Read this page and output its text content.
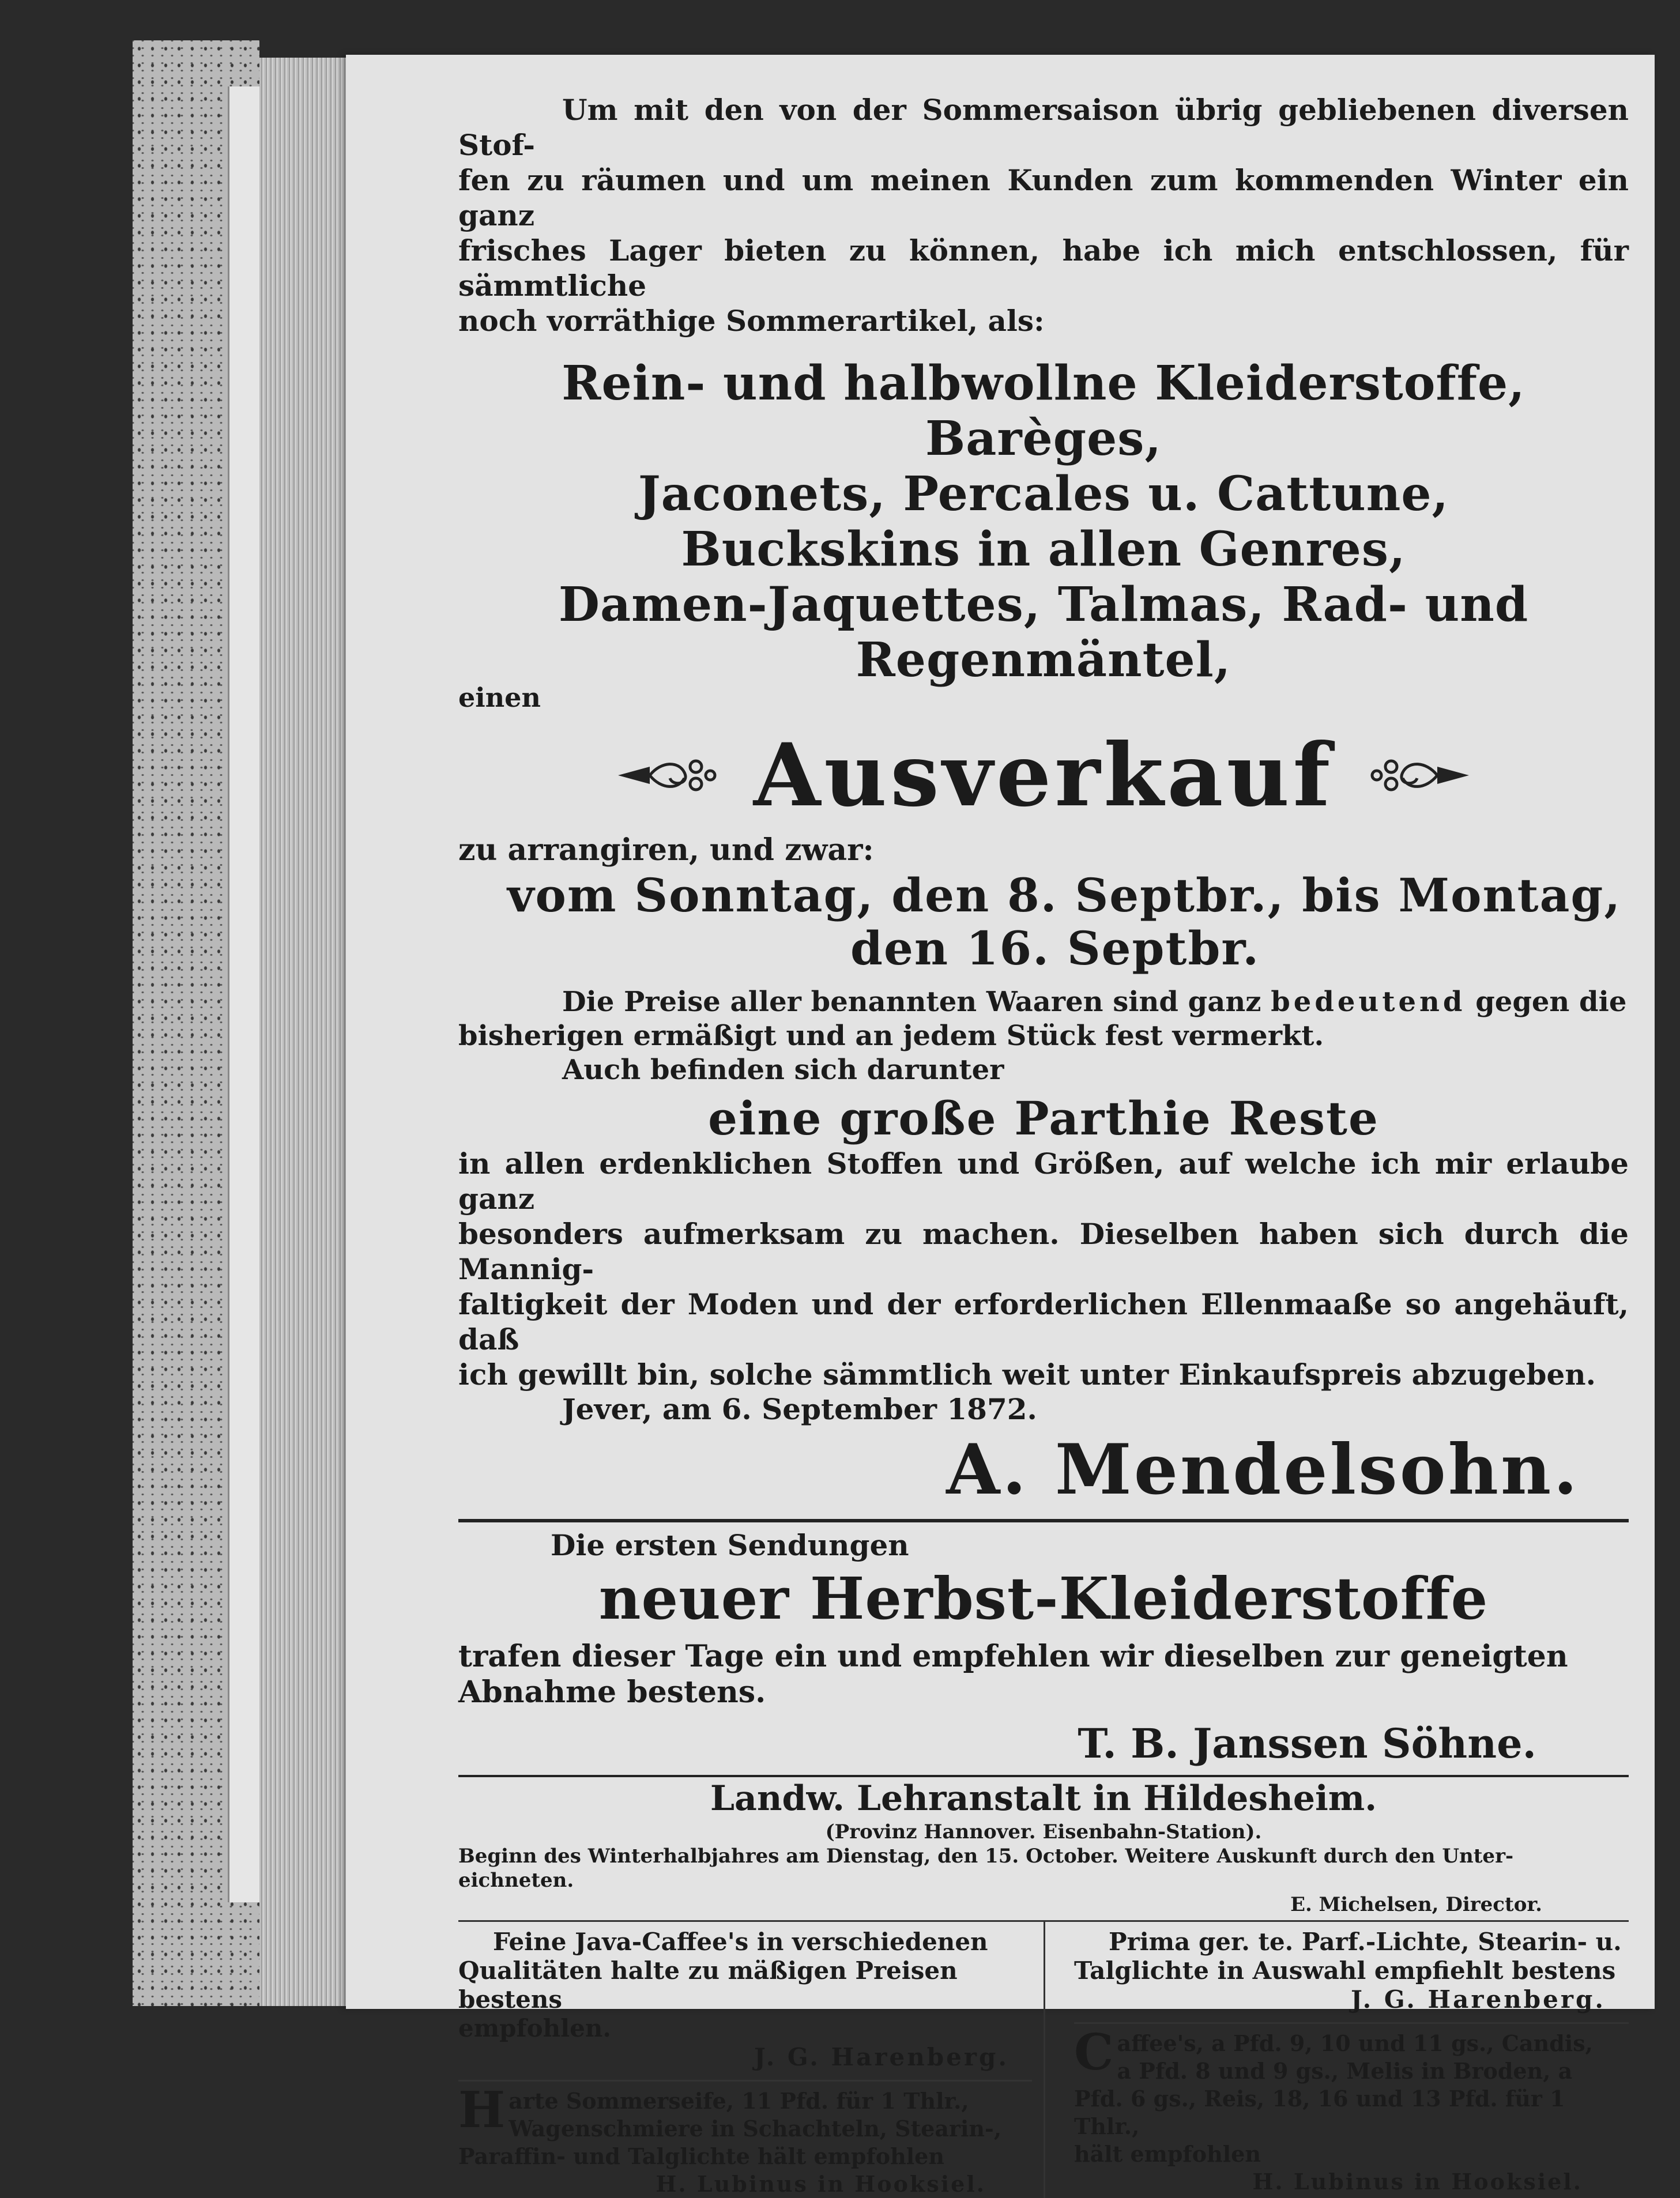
Um mit den von der Sommersaison übrig gebliebenen diversen Stof-

fen zu räumen und um meinen Kunden zum kommenden Winter ein ganz

frisches Lager bieten zu können, habe ich mich entschlossen, für sämmtliche

noch vorräthige Sommerartikel, als:

Rein- und halbwollne Kleiderstoffe, Barèges,
Jaconets, Percales u. Cattune,
Buckskins in allen Genres,
Damen-Jaquettes, Talmas, Rad- und Regenmäntel,
einen
Ausverkauf
zu arrangiren, und zwar:
vom Sonntag, den 8. Septbr., bis Montag,
den 16. Septbr.
Die Preise aller benannten Waaren sind ganz bedeutend gegen die
bisherigen ermäßigt und an jedem Stück fest vermerkt.
Auch befinden sich darunter
eine große Parthie Reste

in allen erdenklichen Stoffen und Größen, auf welche ich mir erlaube ganz

besonders aufmerksam zu machen. Dieselben haben sich durch die Mannig-

faltigkeit der Moden und der erforderlichen Ellenmaaße so angehäuft, daß

ich gewillt bin, solche sämmtlich weit unter Einkaufspreis abzugeben.

Jever, am 6. September 1872.
A. Mendelsohn.
Die ersten Sendungen
neuer Herbst-Kleiderstoffe
trafen dieser Tage ein und empfehlen wir dieselben zur geneigten
Abnahme bestens.
T. B. Janssen Söhne.
Landw. Lehranstalt in Hildesheim.
(Provinz Hannover. Eisenbahn-Station).
Beginn des Winterhalbjahres am Dienstag, den 15. October. Weitere Auskunft durch den Unter-
eichneten.
E. Michelsen, Director.

Feine Java-Caffee's in verschiedenen

Qualitäten halte zu mäßigen Preisen bestens

empfohlen.

J. G. Harenberg.

H arte Sommerseife, 11 Pfd. für 1 Thlr.,

Wagenschmiere in Schachteln, Stearin-,

Paraffin- und Talglichte hält empfohlen

H. Lubinus in Hooksiel.

Prima ger. te. Parf.-Lichte, Stearin- u.

Talglichte in Auswahl empfiehlt bestens

J. G. Harenberg.

C affee's, a Pfd. 9, 10 und 11 gs., Candis,

a Pfd. 8 und 9 gs., Melis in Broden, a

Pfd. 6 gs., Reis, 18, 16 und 13 Pfd. für 1 Thlr.,

hält empfohlen

H. Lubinus in Hooksiel.
